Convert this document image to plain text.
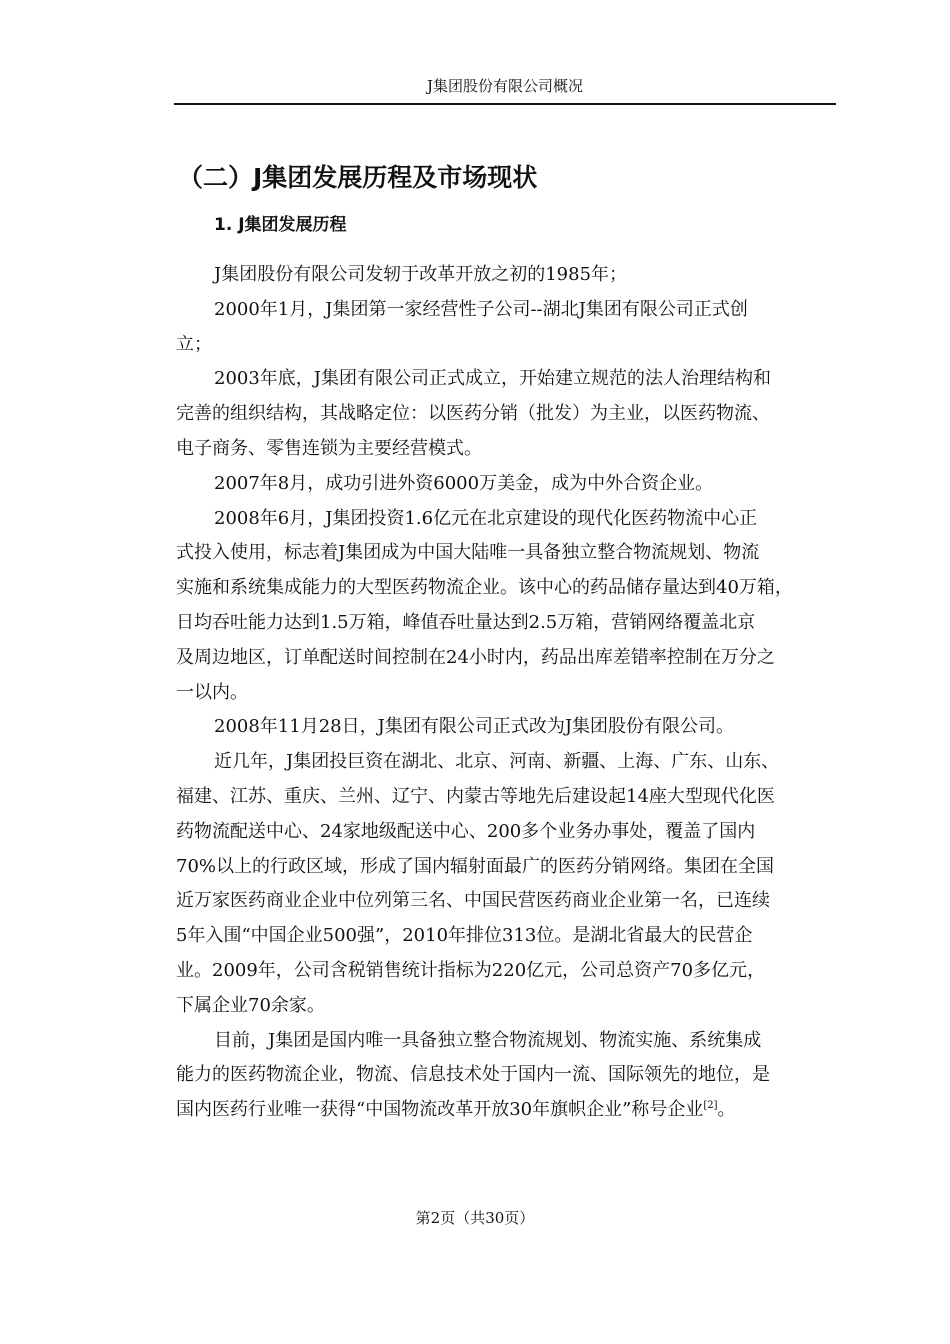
J集团股份有限公司概况
（二）J集团发展历程及市场现状
1. J集团发展历程
J集团股份有限公司发轫于改革开放之初的1985年；
2000年1月，J集团第一家经营性子公司--湖北J集团有限公司正式创
立；
2003年底，J集团有限公司正式成立，开始建立规范的法人治理结构和
完善的组织结构，其战略定位：以医药分销（批发）为主业，以医药物流、
电子商务、零售连锁为主要经营模式。
2007年8月，成功引进外资6000万美金，成为中外合资企业。
2008年6月，J集团投资1.6亿元在北京建设的现代化医药物流中心正
式投入使用，标志着J集团成为中国大陆唯一具备独立整合物流规划、物流
实施和系统集成能力的大型医药物流企业。该中心的药品储存量达到40万箱，
日均吞吐能力达到1.5万箱，峰值吞吐量达到2.5万箱，营销网络覆盖北京
及周边地区，订单配送时间控制在24小时内，药品出库差错率控制在万分之
一以内。
2008年11月28日，J集团有限公司正式改为J集团股份有限公司。
近几年，J集团投巨资在湖北、北京、河南、新疆、上海、广东、山东、
福建、江苏、重庆、兰州、辽宁、内蒙古等地先后建设起14座大型现代化医
药物流配送中心、24家地级配送中心、200多个业务办事处，覆盖了国内
70%以上的行政区域，形成了国内辐射面最广的医药分销网络。集团在全国
近万家医药商业企业中位列第三名、中国民营医药商业企业第一名，已连续
5年入围“中国企业500强”，2010年排位313位。是湖北省最大的民营企
业。2009年，公司含税销售统计指标为220亿元，公司总资产70多亿元，
下属企业70余家。
目前，J集团是国内唯一具备独立整合物流规划、物流实施、系统集成
能力的医药物流企业，物流、信息技术处于国内一流、国际领先的地位，是
国内医药行业唯一获得“中国物流改革开放30年旗帜企业”称号企业[2]。
第2页（共30页）
